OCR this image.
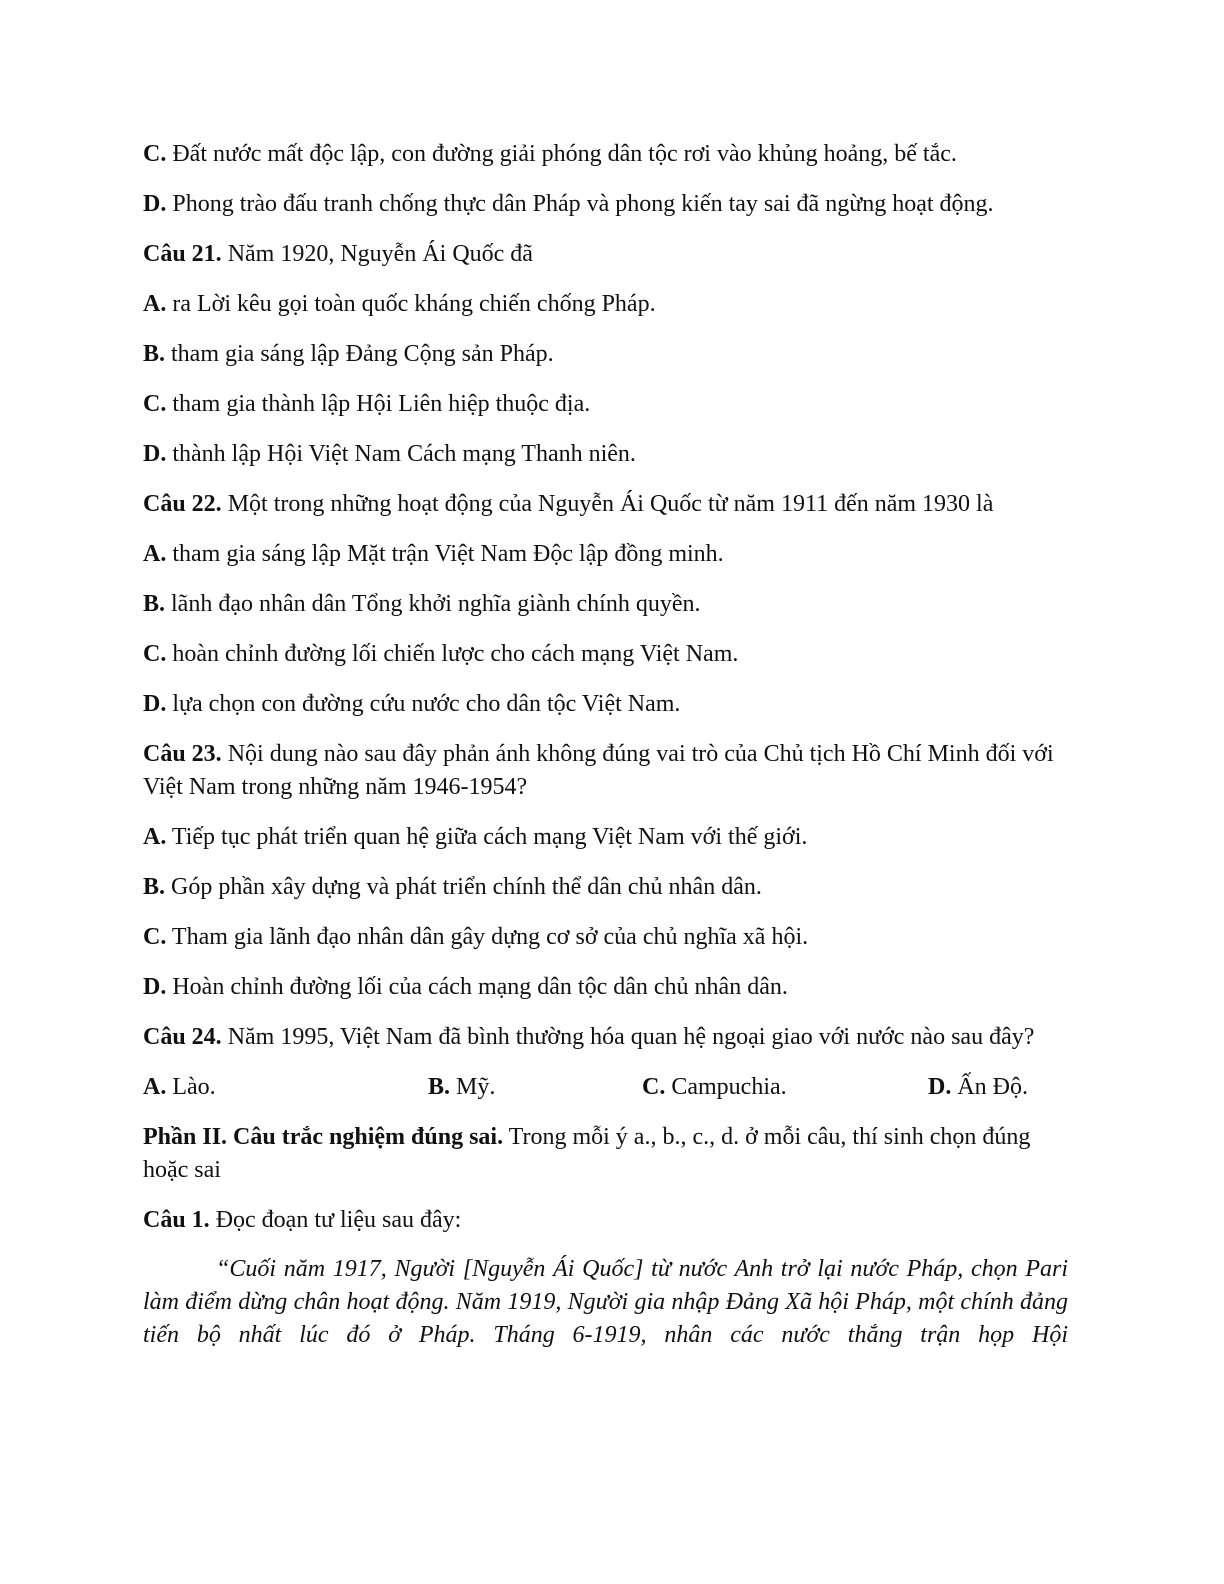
C. Đất nước mất độc lập, con đường giải phóng dân tộc rơi vào khủng hoảng, bế tắc.
D. Phong trào đấu tranh chống thực dân Pháp và phong kiến tay sai đã ngừng hoạt động.
Câu 21. Năm 1920, Nguyễn Ái Quốc đã
A. ra Lời kêu gọi toàn quốc kháng chiến chống Pháp.
B. tham gia sáng lập Đảng Cộng sản Pháp.
C. tham gia thành lập Hội Liên hiệp thuộc địa.
D. thành lập Hội Việt Nam Cách mạng Thanh niên.
Câu 22. Một trong những hoạt động của Nguyễn Ái Quốc từ năm 1911 đến năm 1930 là
A. tham gia sáng lập Mặt trận Việt Nam Độc lập đồng minh.
B. lãnh đạo nhân dân Tổng khởi nghĩa giành chính quyền.
C. hoàn chỉnh đường lối chiến lược cho cách mạng Việt Nam.
D. lựa chọn con đường cứu nước cho dân tộc Việt Nam.
Câu 23. Nội dung nào sau đây phản ánh không đúng vai trò của Chủ tịch Hồ Chí Minh đối với Việt Nam trong những năm 1946-1954?
A. Tiếp tục phát triển quan hệ giữa cách mạng Việt Nam với thế giới.
B. Góp phần xây dựng và phát triển chính thể dân chủ nhân dân.
C. Tham gia lãnh đạo nhân dân gây dựng cơ sở của chủ nghĩa xã hội.
D. Hoàn chỉnh đường lối của cách mạng dân tộc dân chủ nhân dân.
Câu 24. Năm 1995, Việt Nam đã bình thường hóa quan hệ ngoại giao với nước nào sau đây?
A. Lào.	B. Mỹ.	C. Campuchia.	D. Ấn Độ.
Phần II. Câu trắc nghiệm đúng sai. Trong mỗi ý a., b., c., d. ở mỗi câu, thí sinh chọn đúng hoặc sai
Câu 1. Đọc đoạn tư liệu sau đây:

“Cuối năm 1917, Người [Nguyễn Ái Quốc] từ nước Anh trở lại nước Pháp, chọn Pari làm điểm dừng chân hoạt động. Năm 1919, Người gia nhập Đảng Xã hội Pháp, một chính đảng tiến bộ nhất lúc đó ở Pháp. Tháng 6-1919, nhân các nước thắng trận họp Hội
